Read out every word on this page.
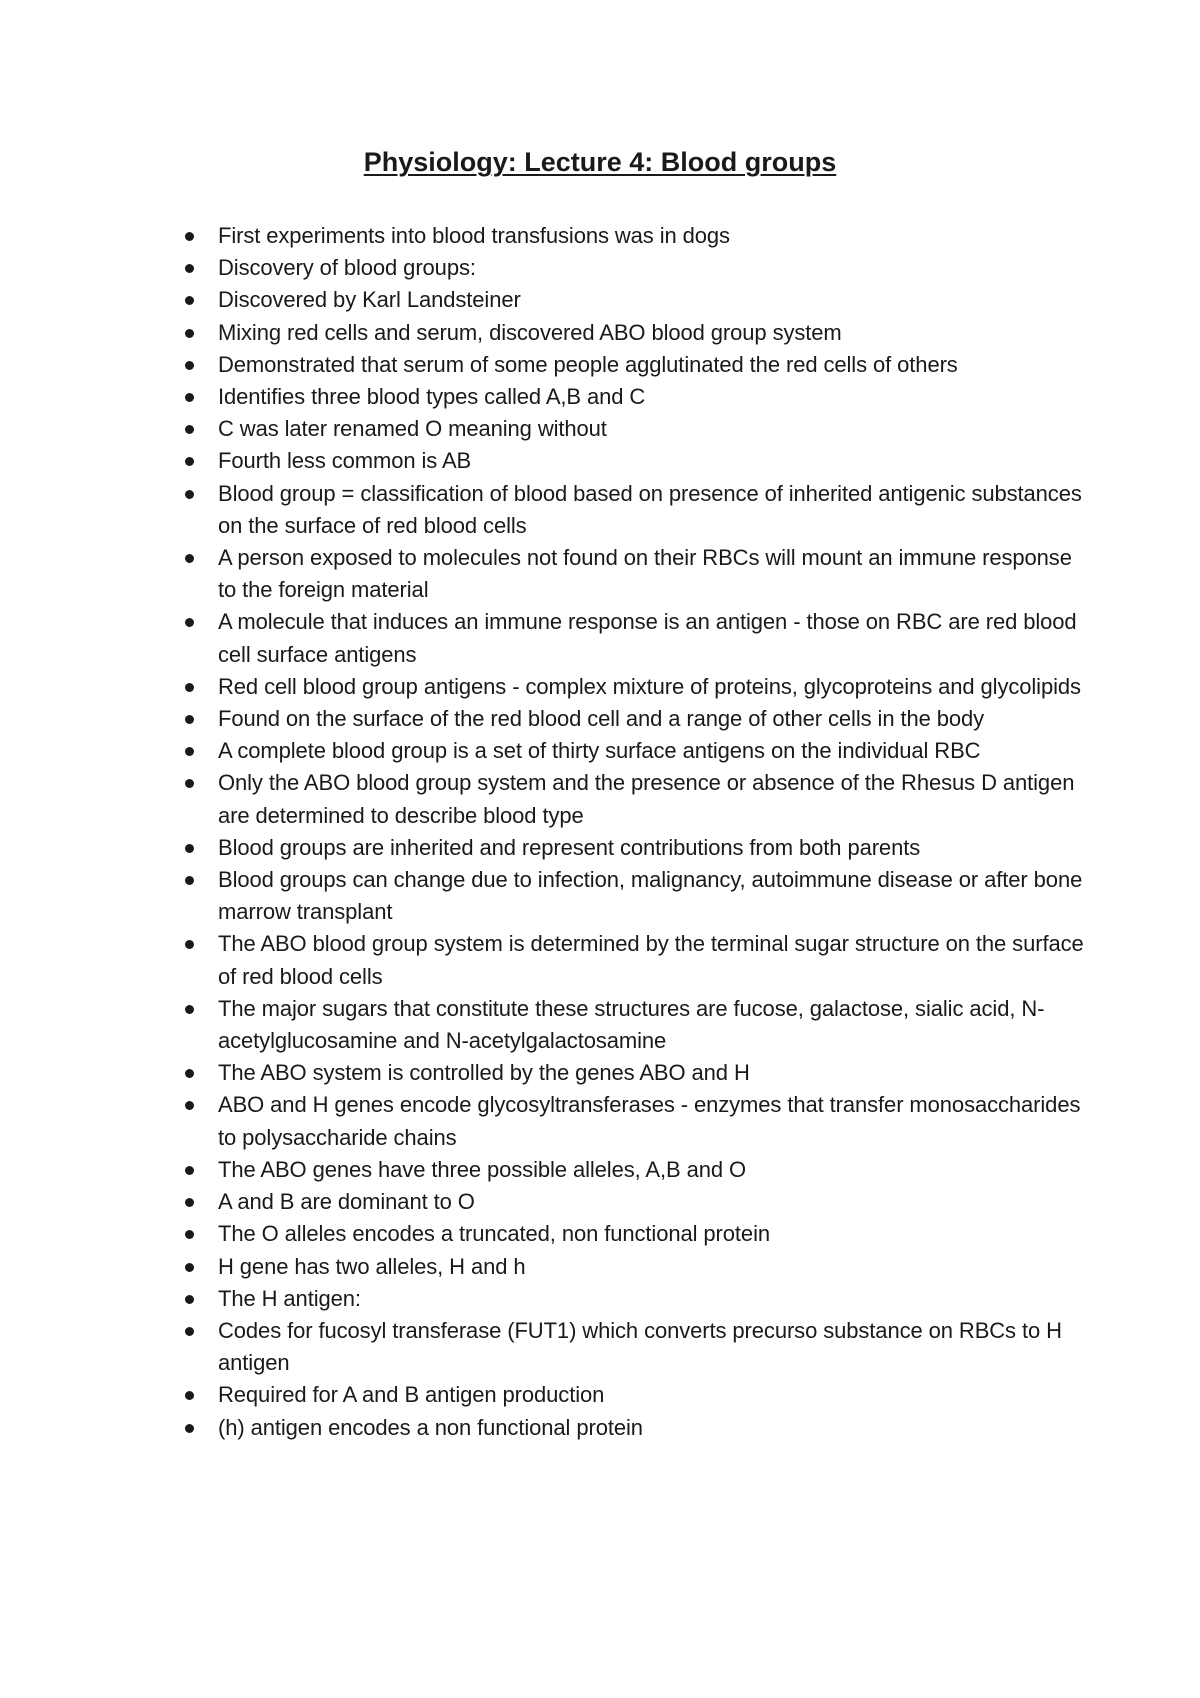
Physiology: Lecture 4: Blood groups
First experiments into blood transfusions was in dogs
Discovery of blood groups:
Discovered by Karl Landsteiner
Mixing red cells and serum, discovered ABO blood group system
Demonstrated that serum of some people agglutinated the red cells of others
Identifies three blood types called A,B and C
C was later renamed O meaning without
Fourth less common is AB
Blood group = classification of blood based on presence of inherited antigenic substances on the surface of red blood cells
A person exposed to molecules not found on their RBCs will mount an immune response to the foreign material
A molecule that induces an immune response is an antigen - those on RBC are red blood cell surface antigens
Red cell blood group antigens - complex mixture of proteins, glycoproteins and glycolipids
Found on the surface of the red blood cell and a range of other cells in the body
A complete blood group is a set of thirty surface antigens on the individual RBC
Only the ABO blood group system and the presence or absence of the Rhesus D antigen are determined to describe blood type
Blood groups are inherited and represent contributions from both parents
Blood groups can change due to infection, malignancy, autoimmune disease or after bone marrow transplant
The ABO blood group system is determined by the terminal sugar structure on the surface of red blood cells
The major sugars that constitute these structures are fucose, galactose, sialic acid, N-acetylglucosamine and N-acetylgalactosamine
The ABO system is controlled by the genes ABO and H
ABO and H genes encode glycosyltransferases - enzymes that transfer monosaccharides to polysaccharide chains
The ABO genes have three possible alleles, A,B and O
A and B are dominant to O
The O alleles encodes a truncated, non functional protein
H gene has two alleles, H and h
The H antigen:
Codes for fucosyl transferase (FUT1) which converts precurso substance on RBCs to H antigen
Required for A and B antigen production
(h) antigen encodes a non functional protein
